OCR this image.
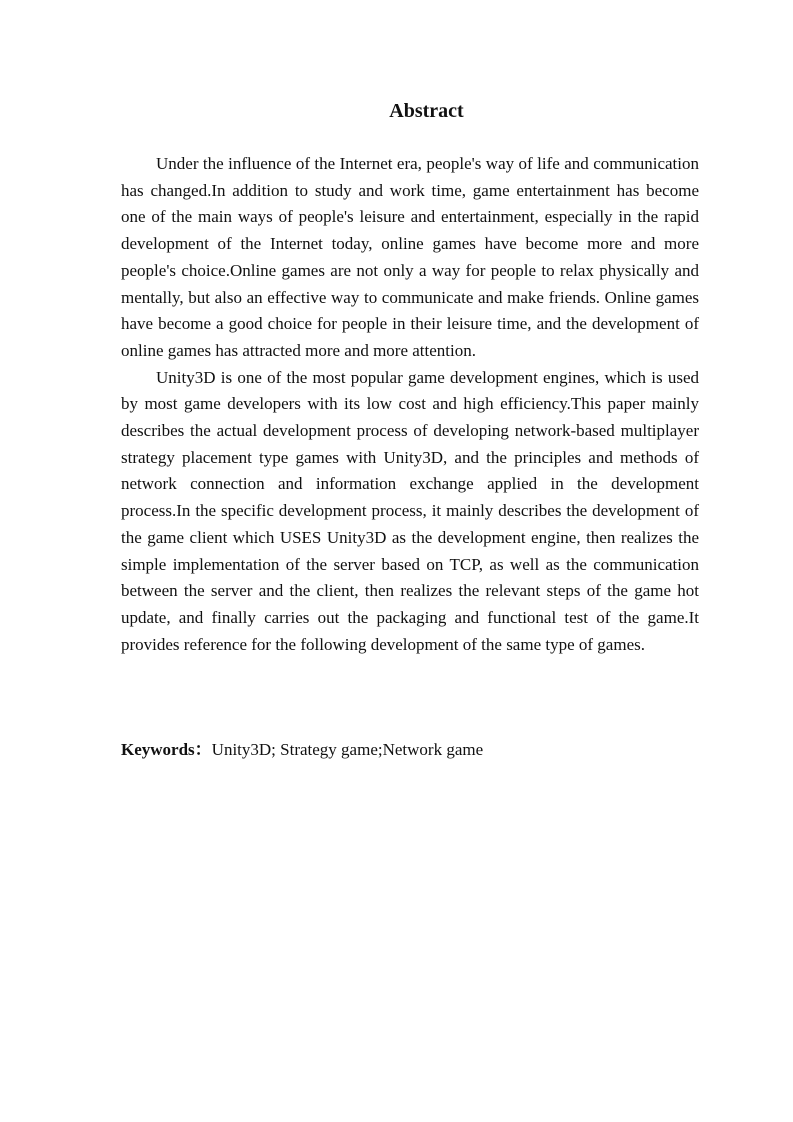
Abstract

Under the influence of the Internet era, people's way of life and communication has changed.In addition to study and work time, game entertainment has become one of the main ways of people's leisure and entertainment, especially in the rapid development of the Internet today, online games have become more and more people's choice.Online games are not only a way for people to relax physically and mentally, but also an effective way to communicate and make friends. Online games have become a good choice for people in their leisure time, and the development of online games has attracted more and more attention.

Unity3D is one of the most popular game development engines, which is used by most game developers with its low cost and high efficiency.This paper mainly describes the actual development process of developing network-based multiplayer strategy placement type games with Unity3D, and the principles and methods of network connection and information exchange applied in the development process.In the specific development process, it mainly describes the development of the game client which USES Unity3D as the development engine, then realizes the simple implementation of the server based on TCP, as well as the communication between the server and the client, then realizes the relevant steps of the game hot update, and finally carries out the packaging and functional test of the game.It provides reference for the following development of the same type of games.

Keywords：Unity3D; Strategy game;Network game
